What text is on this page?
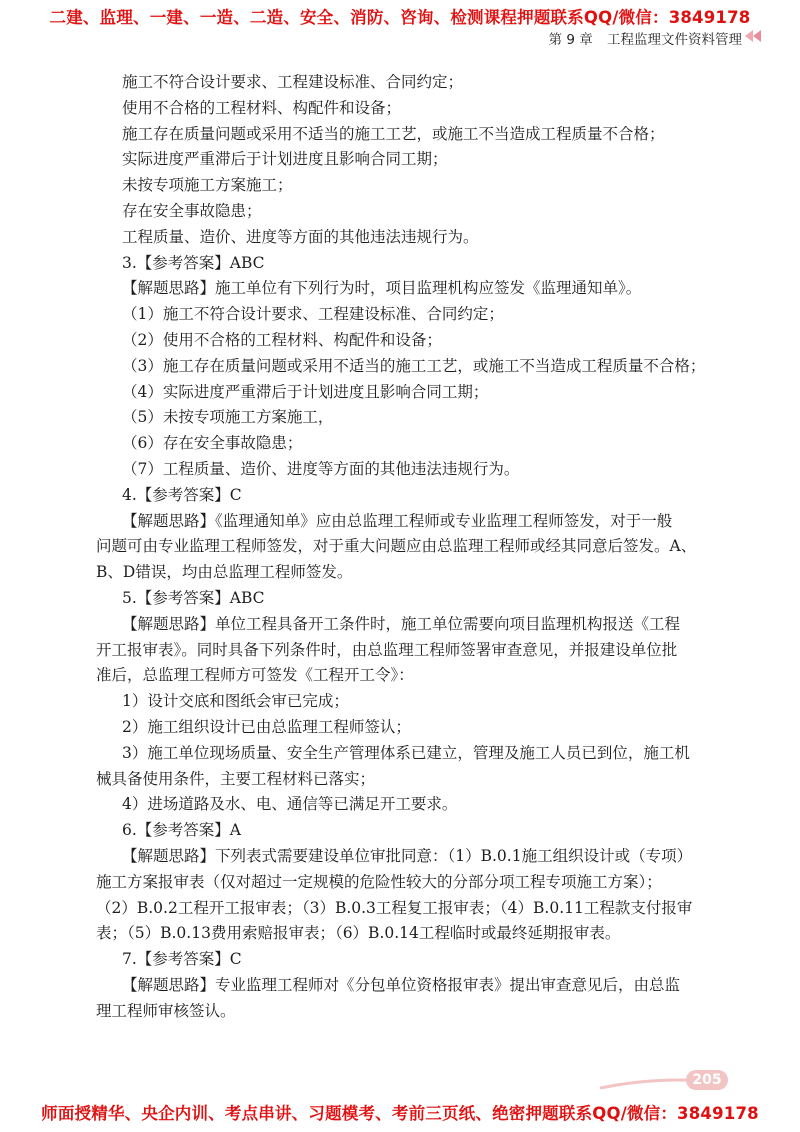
二建、监理、一建、一造、二造、安全、消防、咨询、检测课程押题联系QQ/微信：3849178
第 9 章 工程监理文件资料管理

施工不符合设计要求、工程建设标准、合同约定；

使用不合格的工程材料、构配件和设备；

施工存在质量问题或采用不适当的施工工艺，或施工不当造成工程质量不合格；

实际进度严重滞后于计划进度且影响合同工期；

未按专项施工方案施工；

存在安全事故隐患；

工程质量、造价、进度等方面的其他违法违规行为。

3.【参考答案】ABC

【解题思路】施工单位有下列行为时，项目监理机构应签发《监理通知单》。

（1）施工不符合设计要求、工程建设标准、合同约定；

（2）使用不合格的工程材料、构配件和设备；

（3）施工存在质量问题或采用不适当的施工工艺，或施工不当造成工程质量不合格；

（4）实际进度严重滞后于计划进度且影响合同工期；

（5）未按专项施工方案施工，

（6）存在安全事故隐患；

（7）工程质量、造价、进度等方面的其他违法违规行为。

4.【参考答案】C

【解题思路】《监理通知单》应由总监理工程师或专业监理工程师签发，对于一般

问题可由专业监理工程师签发，对于重大问题应由总监理工程师或经其同意后签发。A、

B、D错误，均由总监理工程师签发。

5.【参考答案】ABC

【解题思路】单位工程具备开工条件时，施工单位需要向项目监理机构报送《工程

开工报审表》。同时具备下列条件时，由总监理工程师签署审查意见，并报建设单位批

准后，总监理工程师方可签发《工程开工令》：

1）设计交底和图纸会审已完成；

2）施工组织设计已由总监理工程师签认；

3）施工单位现场质量、安全生产管理体系已建立，管理及施工人员已到位，施工机

械具备使用条件，主要工程材料已落实；

4）进场道路及水、电、通信等已满足开工要求。

6.【参考答案】A

【解题思路】下列表式需要建设单位审批同意：（1）B.0.1施工组织设计或（专项）

施工方案报审表（仅对超过一定规模的危险性较大的分部分项工程专项施工方案）；

（2）B.0.2工程开工报审表；（3）B.0.3工程复工报审表；（4）B.0.11工程款支付报审

表；（5）B.0.13费用索赔报审表；（6）B.0.14工程临时或最终延期报审表。

7.【参考答案】C

【解题思路】专业监理工程师对《分包单位资格报审表》提出审查意见后，由总监

理工程师审核签认。

205
师面授精华、央企内训、考点串讲、习题模考、考前三页纸、绝密押题联系QQ/微信：3849178
